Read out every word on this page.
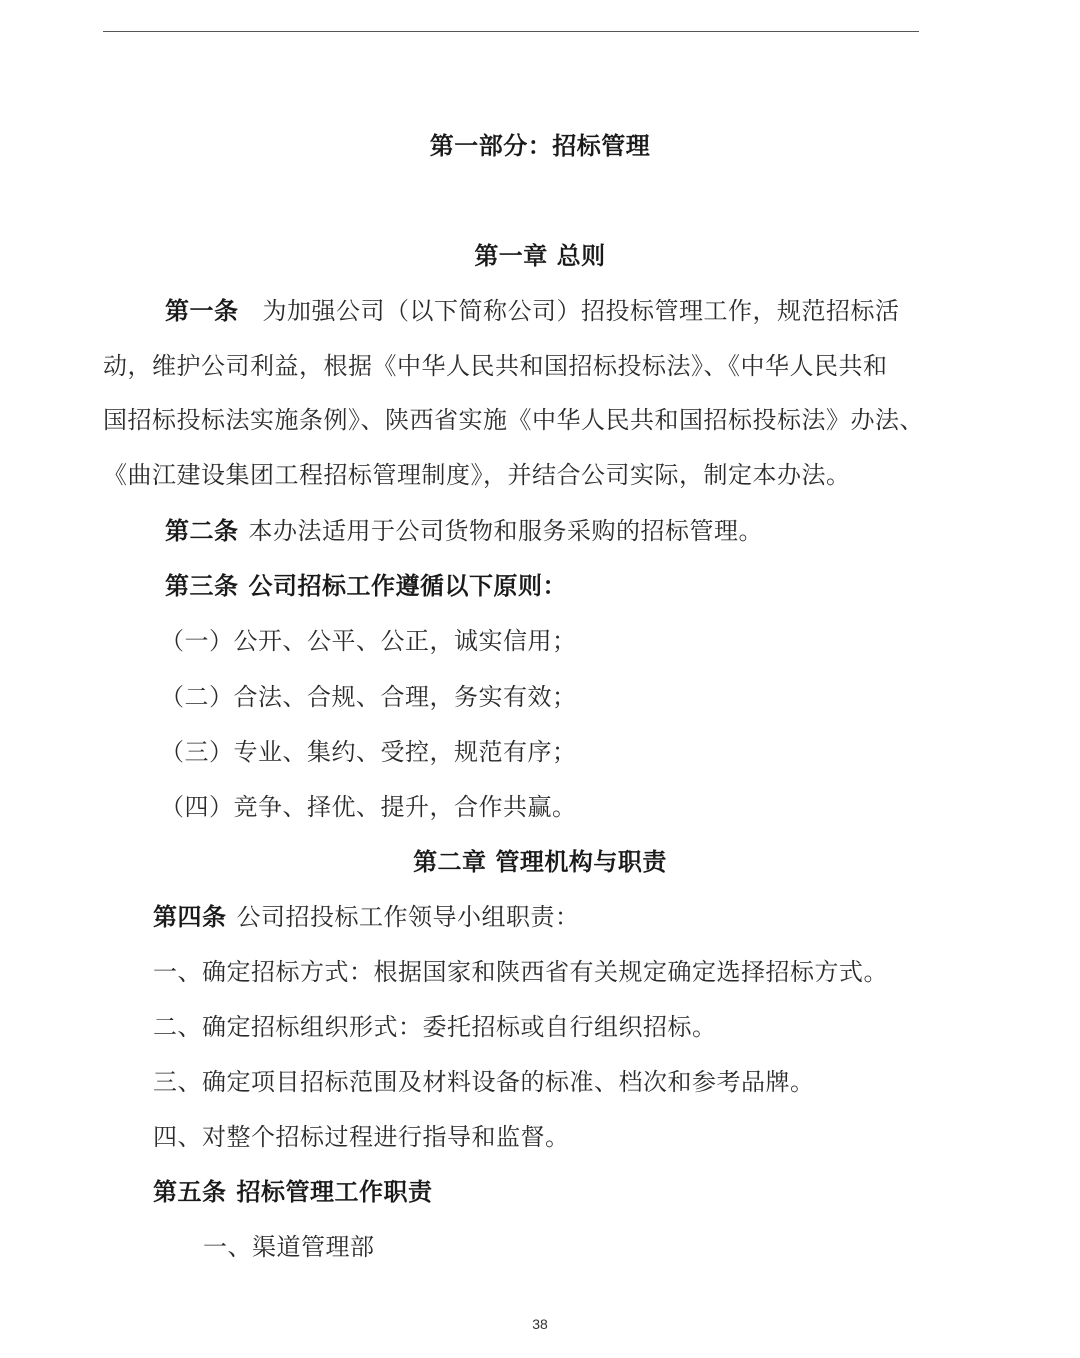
第一部分：招标管理
第一章 总则
第一条 为加强公司（以下简称公司）招投标管理工作，规范招标活
动，维护公司利益，根据《中华人民共和国招标投标法》、《中华人民共和
国招标投标法实施条例》、陕西省实施《中华人民共和国招标投标法》办法、
《曲江建设集团工程招标管理制度》，并结合公司实际，制定本办法。
第二条 本办法适用于公司货物和服务采购的招标管理。
第三条 公司招标工作遵循以下原则：
（一）公开、公平、公正，诚实信用；
（二）合法、合规、合理，务实有效；
（三）专业、集约、受控，规范有序；
（四）竞争、择优、提升，合作共赢。
第二章 管理机构与职责
第四条 公司招投标工作领导小组职责：
一、确定招标方式：根据国家和陕西省有关规定确定选择招标方式。
二、确定招标组织形式：委托招标或自行组织招标。
三、确定项目招标范围及材料设备的标准、档次和参考品牌。
四、对整个招标过程进行指导和监督。
第五条 招标管理工作职责
一、渠道管理部
38
